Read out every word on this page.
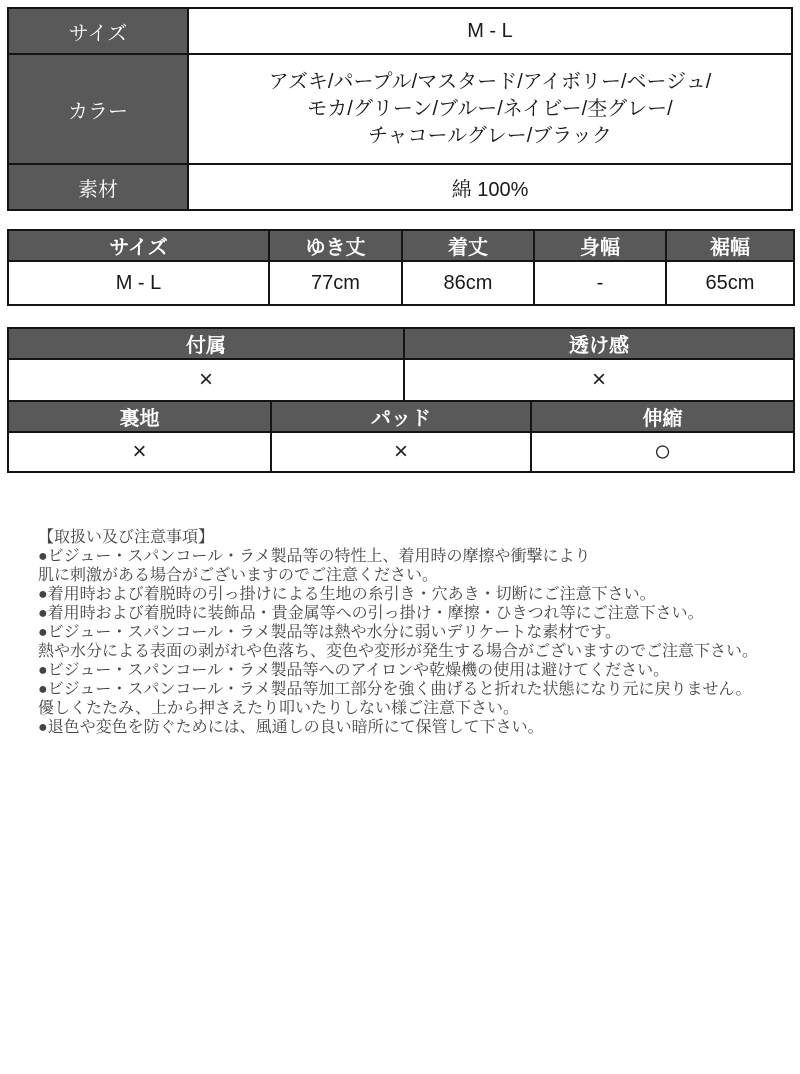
サイズ	M - L
カラー	アズキ/パープル/マスタード/アイボリー/ベージュ/
モカ/グリーン/ブルー/ネイビー/杢グレー/
チャコールグレー/ブラック

素材	綿 100%
サイズ	ゆき丈	着丈	身幅	裾幅
M - L	77cm	86cm	-	65cm
付属	透け感
×	×
裏地	パッド	伸縮
×	×	○
【取扱い及び注意事項】
●ビジュー・スパンコール・ラメ製品等の特性上、着用時の摩擦や衝撃により
肌に刺激がある場合がございますのでご注意ください。
●着用時および着脱時の引っ掛けによる生地の糸引き・穴あき・切断にご注意下さい。
●着用時および着脱時に装飾品・貴金属等への引っ掛け・摩擦・ひきつれ等にご注意下さい。
●ビジュー・スパンコール・ラメ製品等は熱や水分に弱いデリケートな素材です。
熱や水分による表面の剥がれや色落ち、変色や変形が発生する場合がございますのでご注意下さい。
●ビジュー・スパンコール・ラメ製品等へのアイロンや乾燥機の使用は避けてください。
●ビジュー・スパンコール・ラメ製品等加工部分を強く曲げると折れた状態になり元に戻りません。
優しくたたみ、上から押さえたり叩いたりしない様ご注意下さい。
●退色や変色を防ぐためには、風通しの良い暗所にて保管して下さい。
